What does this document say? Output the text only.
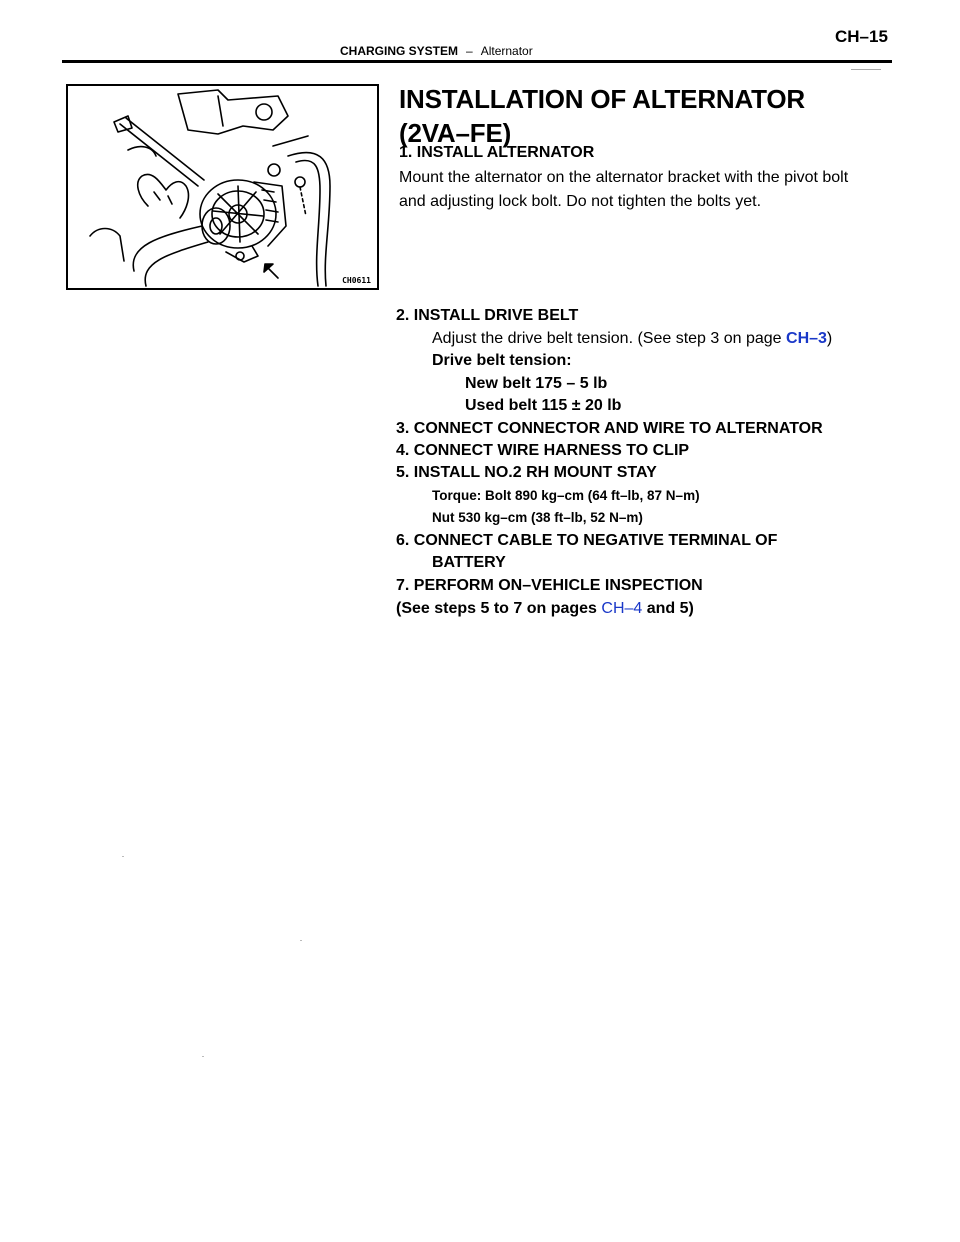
CHARGING SYSTEM – Alternator
CH–15
CH0611
INSTALLATION OF ALTERNATOR
(2VA–FE)
1. INSTALL ALTERNATOR
Mount the alternator on the alternator bracket with the pivot bolt and adjusting lock bolt. Do not tighten the bolts yet.
2. INSTALL DRIVE BELT
Adjust the drive belt tension. (See step 3 on page CH–3)
Drive belt tension:
New belt 175 – 5 lb
Used belt 115 ± 20 lb
3. CONNECT CONNECTOR AND WIRE TO ALTERNATOR
4. CONNECT WIRE HARNESS TO CLIP
5. INSTALL NO.2 RH MOUNT STAY
Torque: Bolt 890 kg–cm (64 ft–lb, 87 N–m)
Nut 530 kg–cm (38 ft–lb, 52 N–m)
6. CONNECT CABLE TO NEGATIVE TERMINAL OF
BATTERY
7. PERFORM ON–VEHICLE INSPECTION
(See steps 5 to 7 on pages CH–4 and 5)
